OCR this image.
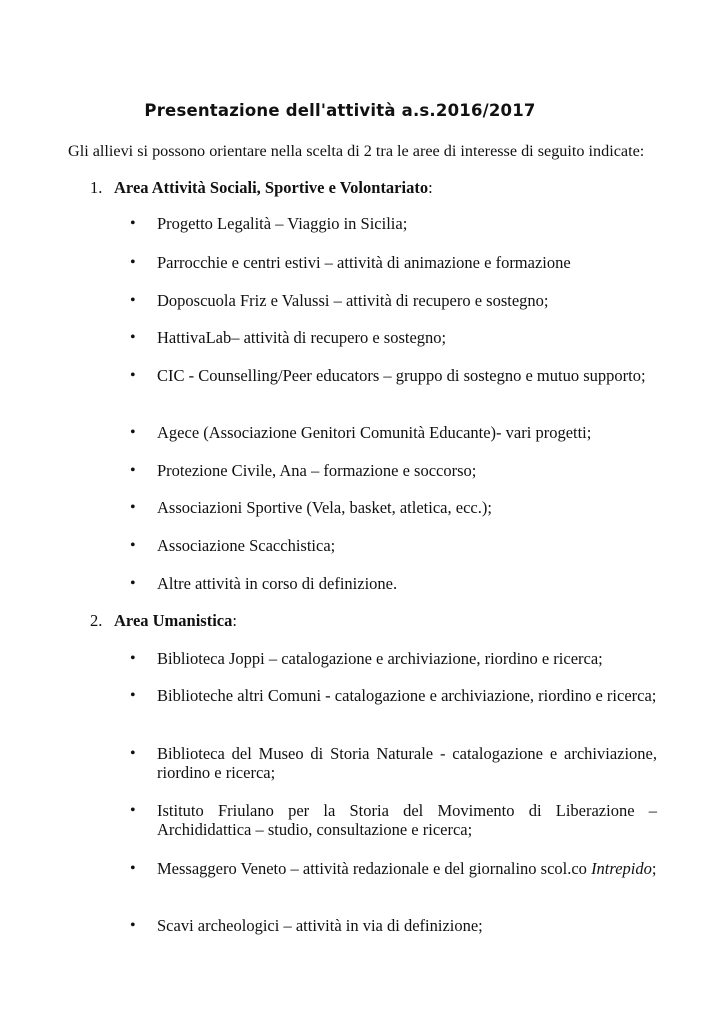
Presentazione dell'attività a.s.2016/2017
Gli allievi si possono orientare nella scelta di 2 tra le aree di interesse di seguito indicate:
1. Area Attività Sociali, Sportive e Volontariato:
• Progetto Legalità – Viaggio in Sicilia;
• Parrocchie e centri estivi – attività di animazione e formazione
• Doposcuola Friz e Valussi – attività di recupero e sostegno;
• HattivaLab– attività di recupero e sostegno;
• CIC - Counselling/Peer educators – gruppo di sostegno e mutuo supporto;
• Agece (Associazione Genitori Comunità Educante)- vari progetti;
• Protezione Civile, Ana – formazione e soccorso;
• Associazioni Sportive (Vela, basket, atletica, ecc.);
• Associazione Scacchistica;
• Altre attività in corso di definizione.
2. Area Umanistica:
• Biblioteca Joppi – catalogazione e archiviazione, riordino e ricerca;
• Biblioteche altri Comuni - catalogazione e archiviazione, riordino e ricerca;
• Biblioteca del Museo di Storia Naturale - catalogazione e archiviazione, riordino e ricerca;
• Istituto Friulano per la Storia del Movimento di Liberazione – Archididattica – studio, consultazione e ricerca;
• Messaggero Veneto – attività redazionale e del giornalino scol.co Intrepido;
• Scavi archeologici – attività in via di definizione;
